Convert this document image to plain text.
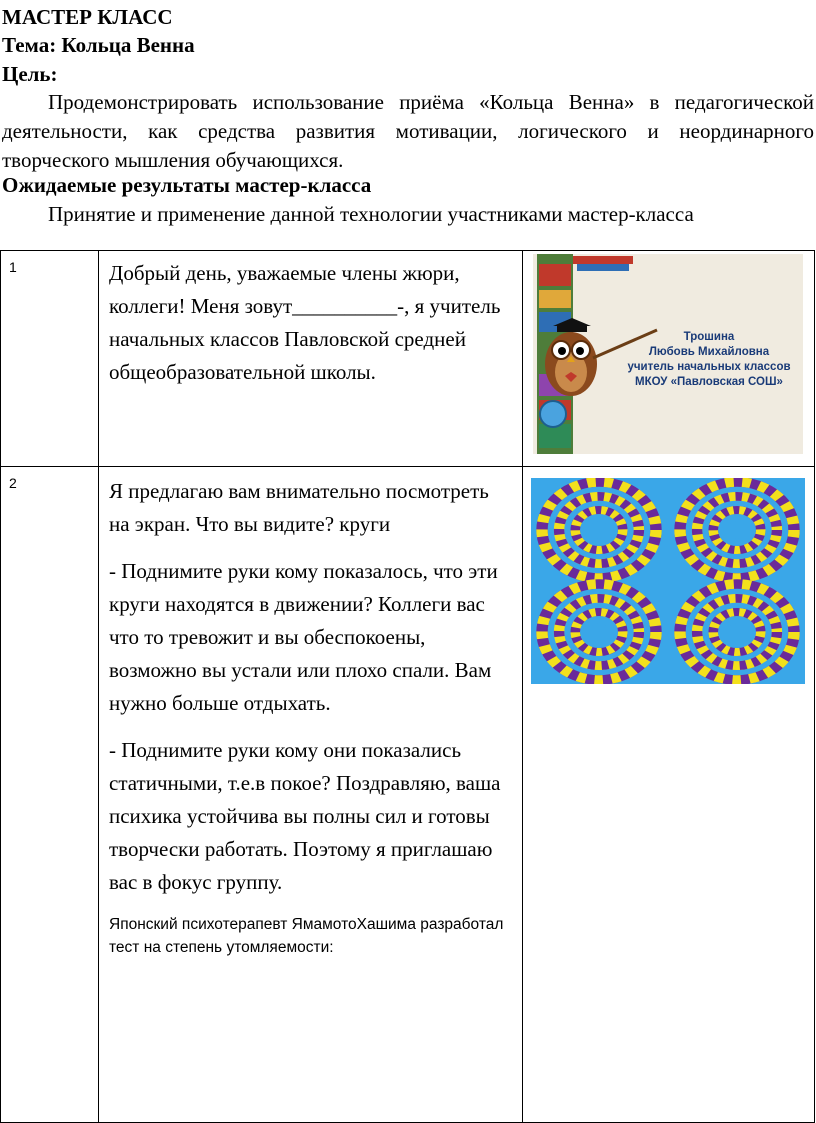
МАСТЕР КЛАСС
Тема: Кольца Венна
Цель:
Продемонстрировать использование приёма «Кольца Венна» в педагогической деятельности, как средства развития мотивации, логического и неординарного творческого мышления обучающихся.
Ожидаемые результаты мастер-класса
Принятие и применение данной технологии участниками мастер-класса
1	Добрый день, уважаемые члены жюри, коллеги! Меня зовут__________-, я учитель начальных классов Павловской средней общеобразовательной школы.	

2	Я предлагаю вам внимательно посмотреть на экран. Что вы видите? круги

- Поднимите руки кому показалось, что эти круги находятся в движении? Коллеги вас что то тревожит и вы обеспокоены, возможно вы устали или плохо спали. Вам нужно больше отдыхать.

- Поднимите руки кому они показались статичными, т.е.в покое? Поздравляю, ваша психика устойчива вы полны сил и готовы творчески работать. Поэтому я приглашаю вас в фокус группу.

Японский психотерапевт ЯмамотоХашима разработал тест на степень утомляемости:	

Трошина
Любовь Михайловна
учитель начальных классов
МКОУ «Павловская СОШ»
